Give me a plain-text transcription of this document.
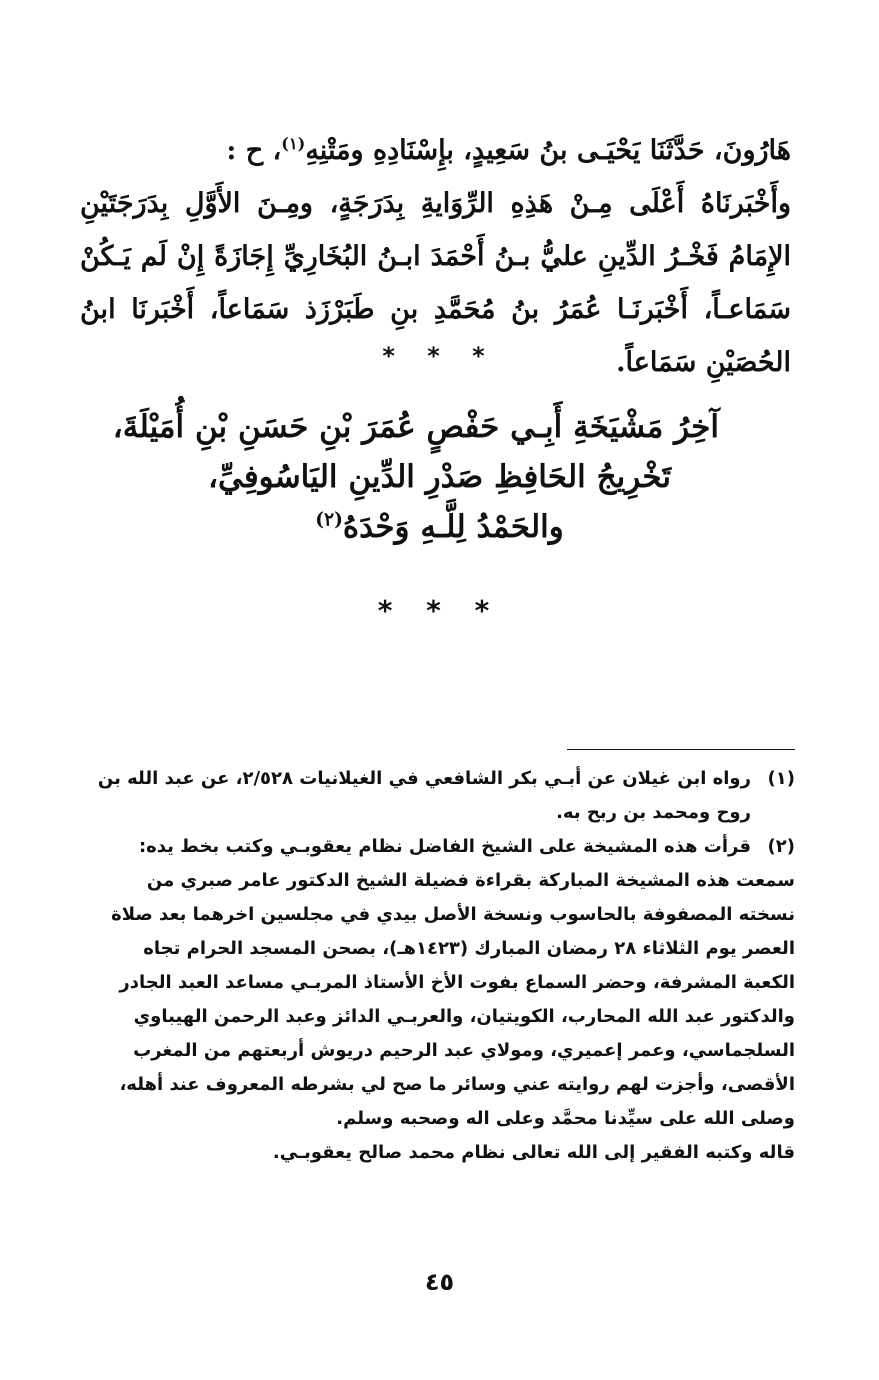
هَارُونَ، حَدَّثَنَا يَحْيَـى بنُ سَعِيدٍ، بإِسْنَادِهِ ومَتْنِهِ$^{(١)}$، ح :

وأَخْبَرنَاهُ أَعْلَى مِـنْ هَذِهِ الرِّوَايةِ بِدَرَجَةٍ، ومِـنَ الأَوَّلِ بِدَرَجَتَيْنِ الإِمَامُ فَخْـرُ الدِّينِ عليُّ بـنُ أَحْمَدَ ابـنُ البُخَارِيِّ إِجَازَةً إِنْ لَم يَـكُنْ سَمَاعـاً، أَخْبَرنَـا عُمَرُ بنُ مُحَمَّدِ بنِ طَبَرْزَذ سَمَاعاً، أَخْبَرنَا ابنُ الحُصَيْنِ سَمَاعاً.

* * *
آخِرُ مَشْيَخَةِ أَبِـي حَفْصٍ عُمَرَ بْنِ حَسَنِ بْنِ أُمَيْلَةَ،
تَخْرِيجُ الحَافِظِ صَدْرِ الدِّينِ اليَاسُوفِيِّ،
والحَمْدُ لِلَّـهِ وَحْدَهُ$^{(٢)}$
* * *
(١)
رواه ابن غيلان عن أبـي بكر الشافعي في الغيلانيات ٢/٥٢٨، عن عبد الله بن
روح ومحمد بن ربح به.
(٢)
قرأت هذه المشيخة على الشيخ الفاضل نظام يعقوبـي وكتب بخط يده:
سمعت هذه المشيخة المباركة بقراءة فضيلة الشيخ الدكتور عامر صبري من
نسخته المصفوفة بالحاسوب ونسخة الأصل بيدي في مجلسين اخرهما بعد صلاة
العصر يوم الثلاثاء ٢٨ رمضان المبارك (١٤٢٣هـ)، بصحن المسجد الحرام تجاه
الكعبة المشرفة، وحضر السماع بفوت الأخ الأستاذ المربـي مساعد العبد الجادر
والدكتور عبد الله المحارب، الكويتيان، والعربـي الدائز وعبد الرحمن الهيباوي
السلجماسي، وعمر إعميري، ومولاي عبد الرحيم دريوش أربعتهم من المغرب
الأقصى، وأجزت لهم روايته عني وسائر ما صح لي بشرطه المعروف عند أهله،
وصلى الله على سيِّدنا محمَّد وعلى اله وصحبه وسلم.
قاله وكتبه الفقير إلى الله تعالى نظام محمد صالح يعقوبـي.
٤٥
